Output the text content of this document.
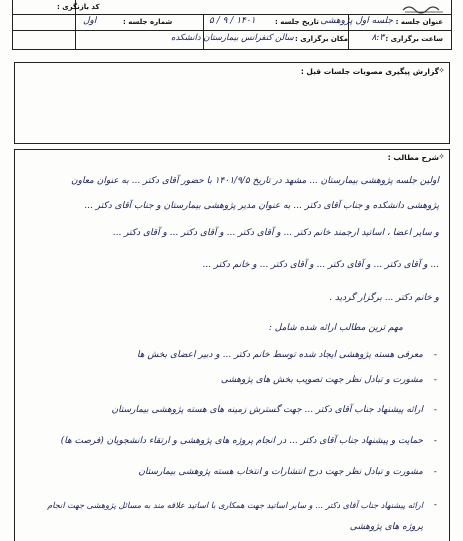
کد بازنگری :
عنوان جلسه :
جلسه اول پژوهشی
تاریخ جلسه :
۱۴۰۱ / ۹ / ۵
شماره جلسه :
اول
ساعت برگزاری :
۸:۳۰
مکان برگزاری :
سالن کنفرانس بیمارستان دانشکده
✧
گزارش پیگیری مصوبات جلسات قبل :
✧
شرح مطالب :
اولین جلسه پژوهشی بیمارستان ... مشهد در تاریخ ۱۴۰۱/۹/۵ با حضور آقای دکتر ... به عنوان معاون
پژوهشی دانشکده و جناب آقای دکتر ... به عنوان مدیر پژوهشی بیمارستان و جناب آقای دکتر ...
و سایر اعضا ، اساتید ارجمند خانم دکتر ... و آقای دکتر ... و آقای دکتر ... و آقای دکتر ...
... و آقای دکتر ... و آقای دکتر ... و آقای دکتر ... و خانم دکتر ...
و خانم دکتر ... برگزار گردید .
مهم ترین مطالب ارائه شده شامل :
-
معرفی هسته پژوهشی ایجاد شده توسط خانم دکتر ... و دبیر اعضای بخش ها
-
مشورت و تبادل نظر جهت تصویب بخش های پژوهشی
-
ارائه پیشنهاد جناب آقای دکتر ... جهت گسترش زمینه های هسته پژوهشی بیمارستان
-
حمایت و پیشنهاد جناب آقای دکتر ... در انجام پروژه های پژوهشی و ارتقاء دانشجویان (فرصت ها)
-
مشورت و تبادل نظر جهت درج انتشارات و انتخاب هسته پژوهشی بیمارستان
-
ارائه پیشنهاد جناب آقای دکتر ... و سایر اساتید جهت همکاری با اساتید علاقه مند به مسائل پژوهشی جهت انجام
پروژه های پژوهشی
